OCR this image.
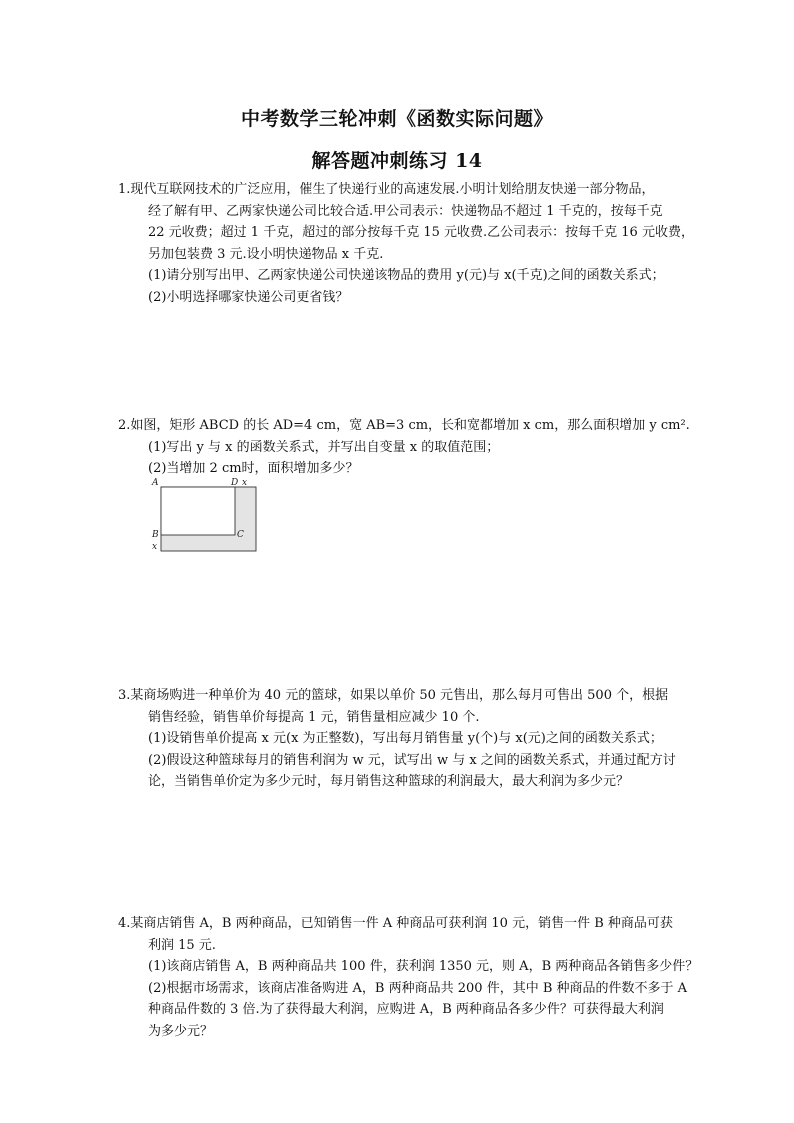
中考数学三轮冲刺《函数实际问题》
解答题冲刺练习 14

1.现代互联网技术的广泛应用，催生了快递行业的高速发展.小明计划给朋友快递一部分物品，

经了解有甲、乙两家快递公司比较合适.甲公司表示：快递物品不超过 1 千克的，按每千克

22 元收费；超过 1 千克，超过的部分按每千克 15 元收费.乙公司表示：按每千克 16 元收费，

另加包装费 3 元.设小明快递物品 x 千克.

(1)请分别写出甲、乙两家快递公司快递该物品的费用 y(元)与 x(千克)之间的函数关系式；

(2)小明选择哪家快递公司更省钱？

2.如图，矩形 ABCD 的长 AD=4 cm，宽 AB=3 cm，长和宽都增加 x cm，那么面积增加 y cm².

(1)写出 y 与 x 的函数关系式，并写出自变量 x 的取值范围；

(2)当增加 2 cm时，面积增加多少？

A	D x
B	C
x

3.某商场购进一种单价为 40 元的篮球，如果以单价 50 元售出，那么每月可售出 500 个，根据

销售经验，销售单价每提高 1 元，销售量相应减少 10 个.

(1)设销售单价提高 x 元(x 为正整数)，写出每月销售量 y(个)与 x(元)之间的函数关系式；

(2)假设这种篮球每月的销售利润为 w 元，试写出 w 与 x 之间的函数关系式，并通过配方讨

论，当销售单价定为多少元时，每月销售这种篮球的利润最大，最大利润为多少元？

4.某商店销售 A，B 两种商品，已知销售一件 A 种商品可获利润 10 元，销售一件 B 种商品可获

利润 15 元.

(1)该商店销售 A，B 两种商品共 100 件，获利润 1350 元，则 A，B 两种商品各销售多少件？

(2)根据市场需求，该商店准备购进 A，B 两种商品共 200 件，其中 B 种商品的件数不多于 A

种商品件数的 3 倍.为了获得最大利润，应购进 A，B 两种商品各多少件？可获得最大利润

为多少元？
